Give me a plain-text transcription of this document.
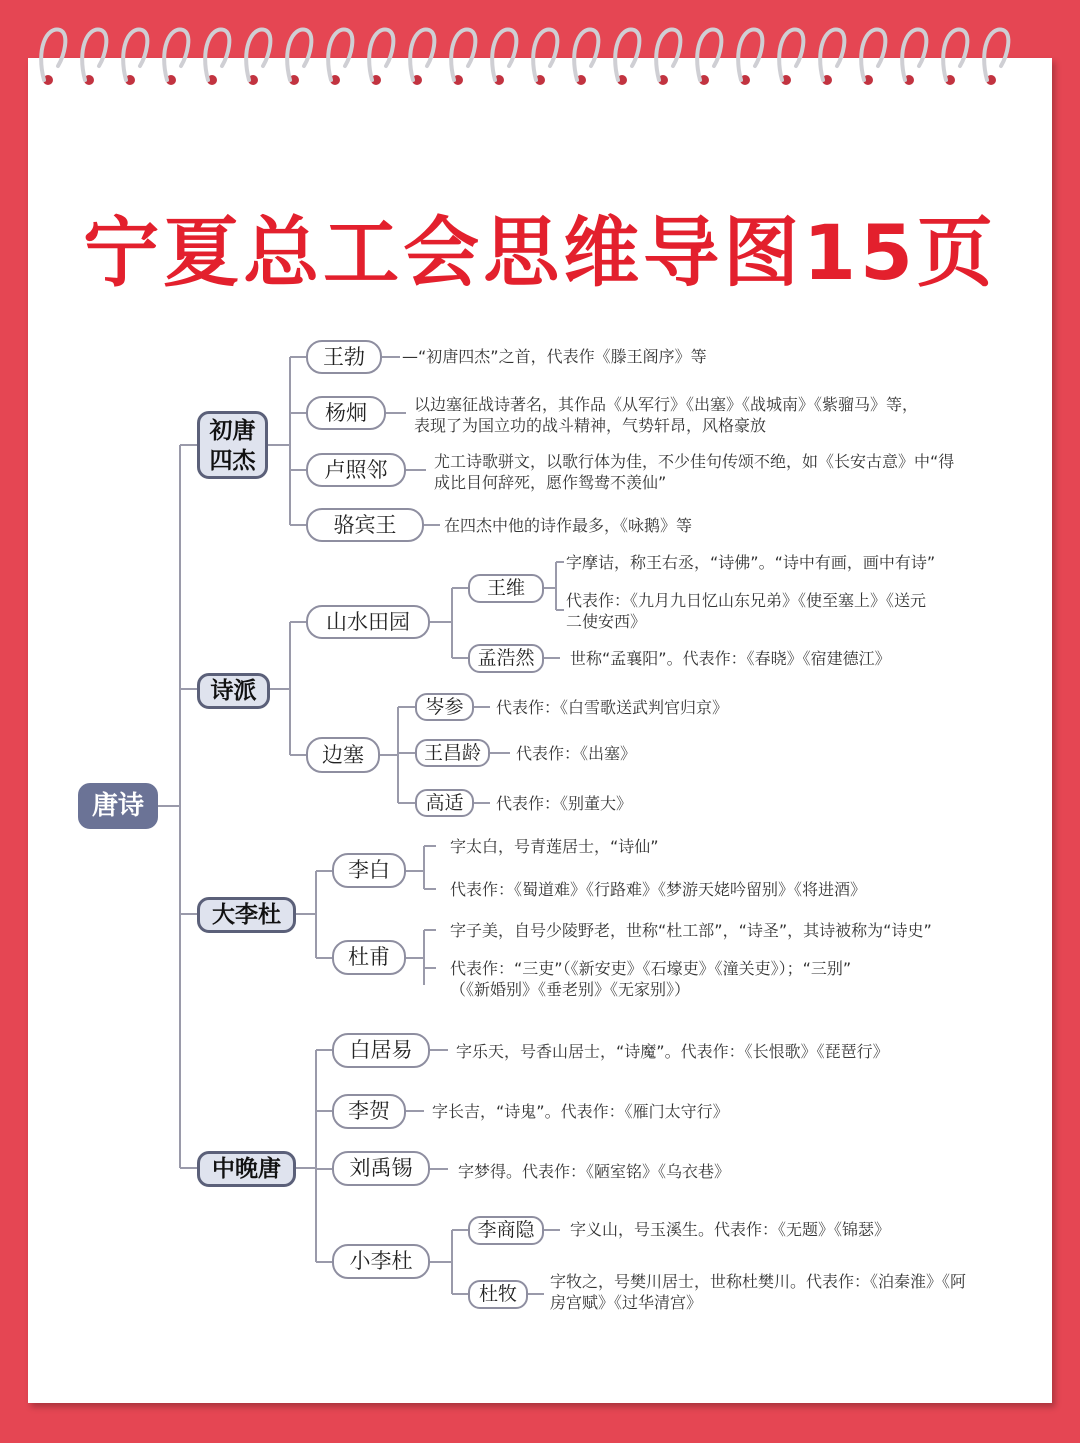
宁夏总工会思维导图15页
唐诗
初唐
四杰
诗派
大李杜
中晚唐
王勃	—“初唐四杰”之首，代表作《滕王阁序》等
杨炯	以边塞征战诗著名，其作品《从军行》《出塞》《战城南》《紫骝马》等，
表现了为国立功的战斗精神，气势轩昂，风格豪放
卢照邻	尤工诗歌骈文，以歌行体为佳，不少佳句传颂不绝，如《长安古意》中“得
成比目何辞死，愿作鸳鸯不羡仙”
骆宾王	在四杰中他的诗作最多，《咏鹅》等
山水田园
王维
字摩诘，称王右丞，“诗佛”。“诗中有画，画中有诗”
代表作：《九月九日忆山东兄弟》《使至塞上》《送元
二使安西》
孟浩然	世称“孟襄阳”。代表作：《春晓》《宿建德江》
边塞
岑参	代表作：《白雪歌送武判官归京》
王昌龄	代表作：《出塞》
高适	代表作：《别董大》
李白
字太白，号青莲居士，“诗仙”
代表作：《蜀道难》《行路难》《梦游天姥吟留别》《将进酒》
杜甫
字子美，自号少陵野老，世称“杜工部”，“诗圣”，其诗被称为“诗史”
代表作：“三吏”（《新安吏》《石壕吏》《潼关吏》）；“三别”
（《新婚别》《垂老别》《无家别》）
白居易	字乐天，号香山居士，“诗魔”。代表作：《长恨歌》《琵琶行》
李贺	字长吉，“诗鬼”。代表作：《雁门太守行》
刘禹锡	字梦得。代表作：《陋室铭》《乌衣巷》
小李杜
李商隐	字义山，号玉溪生。代表作：《无题》《锦瑟》
杜牧
字牧之，号樊川居士，世称杜樊川。代表作：《泊秦淮》《阿
房宫赋》《过华清宫》
